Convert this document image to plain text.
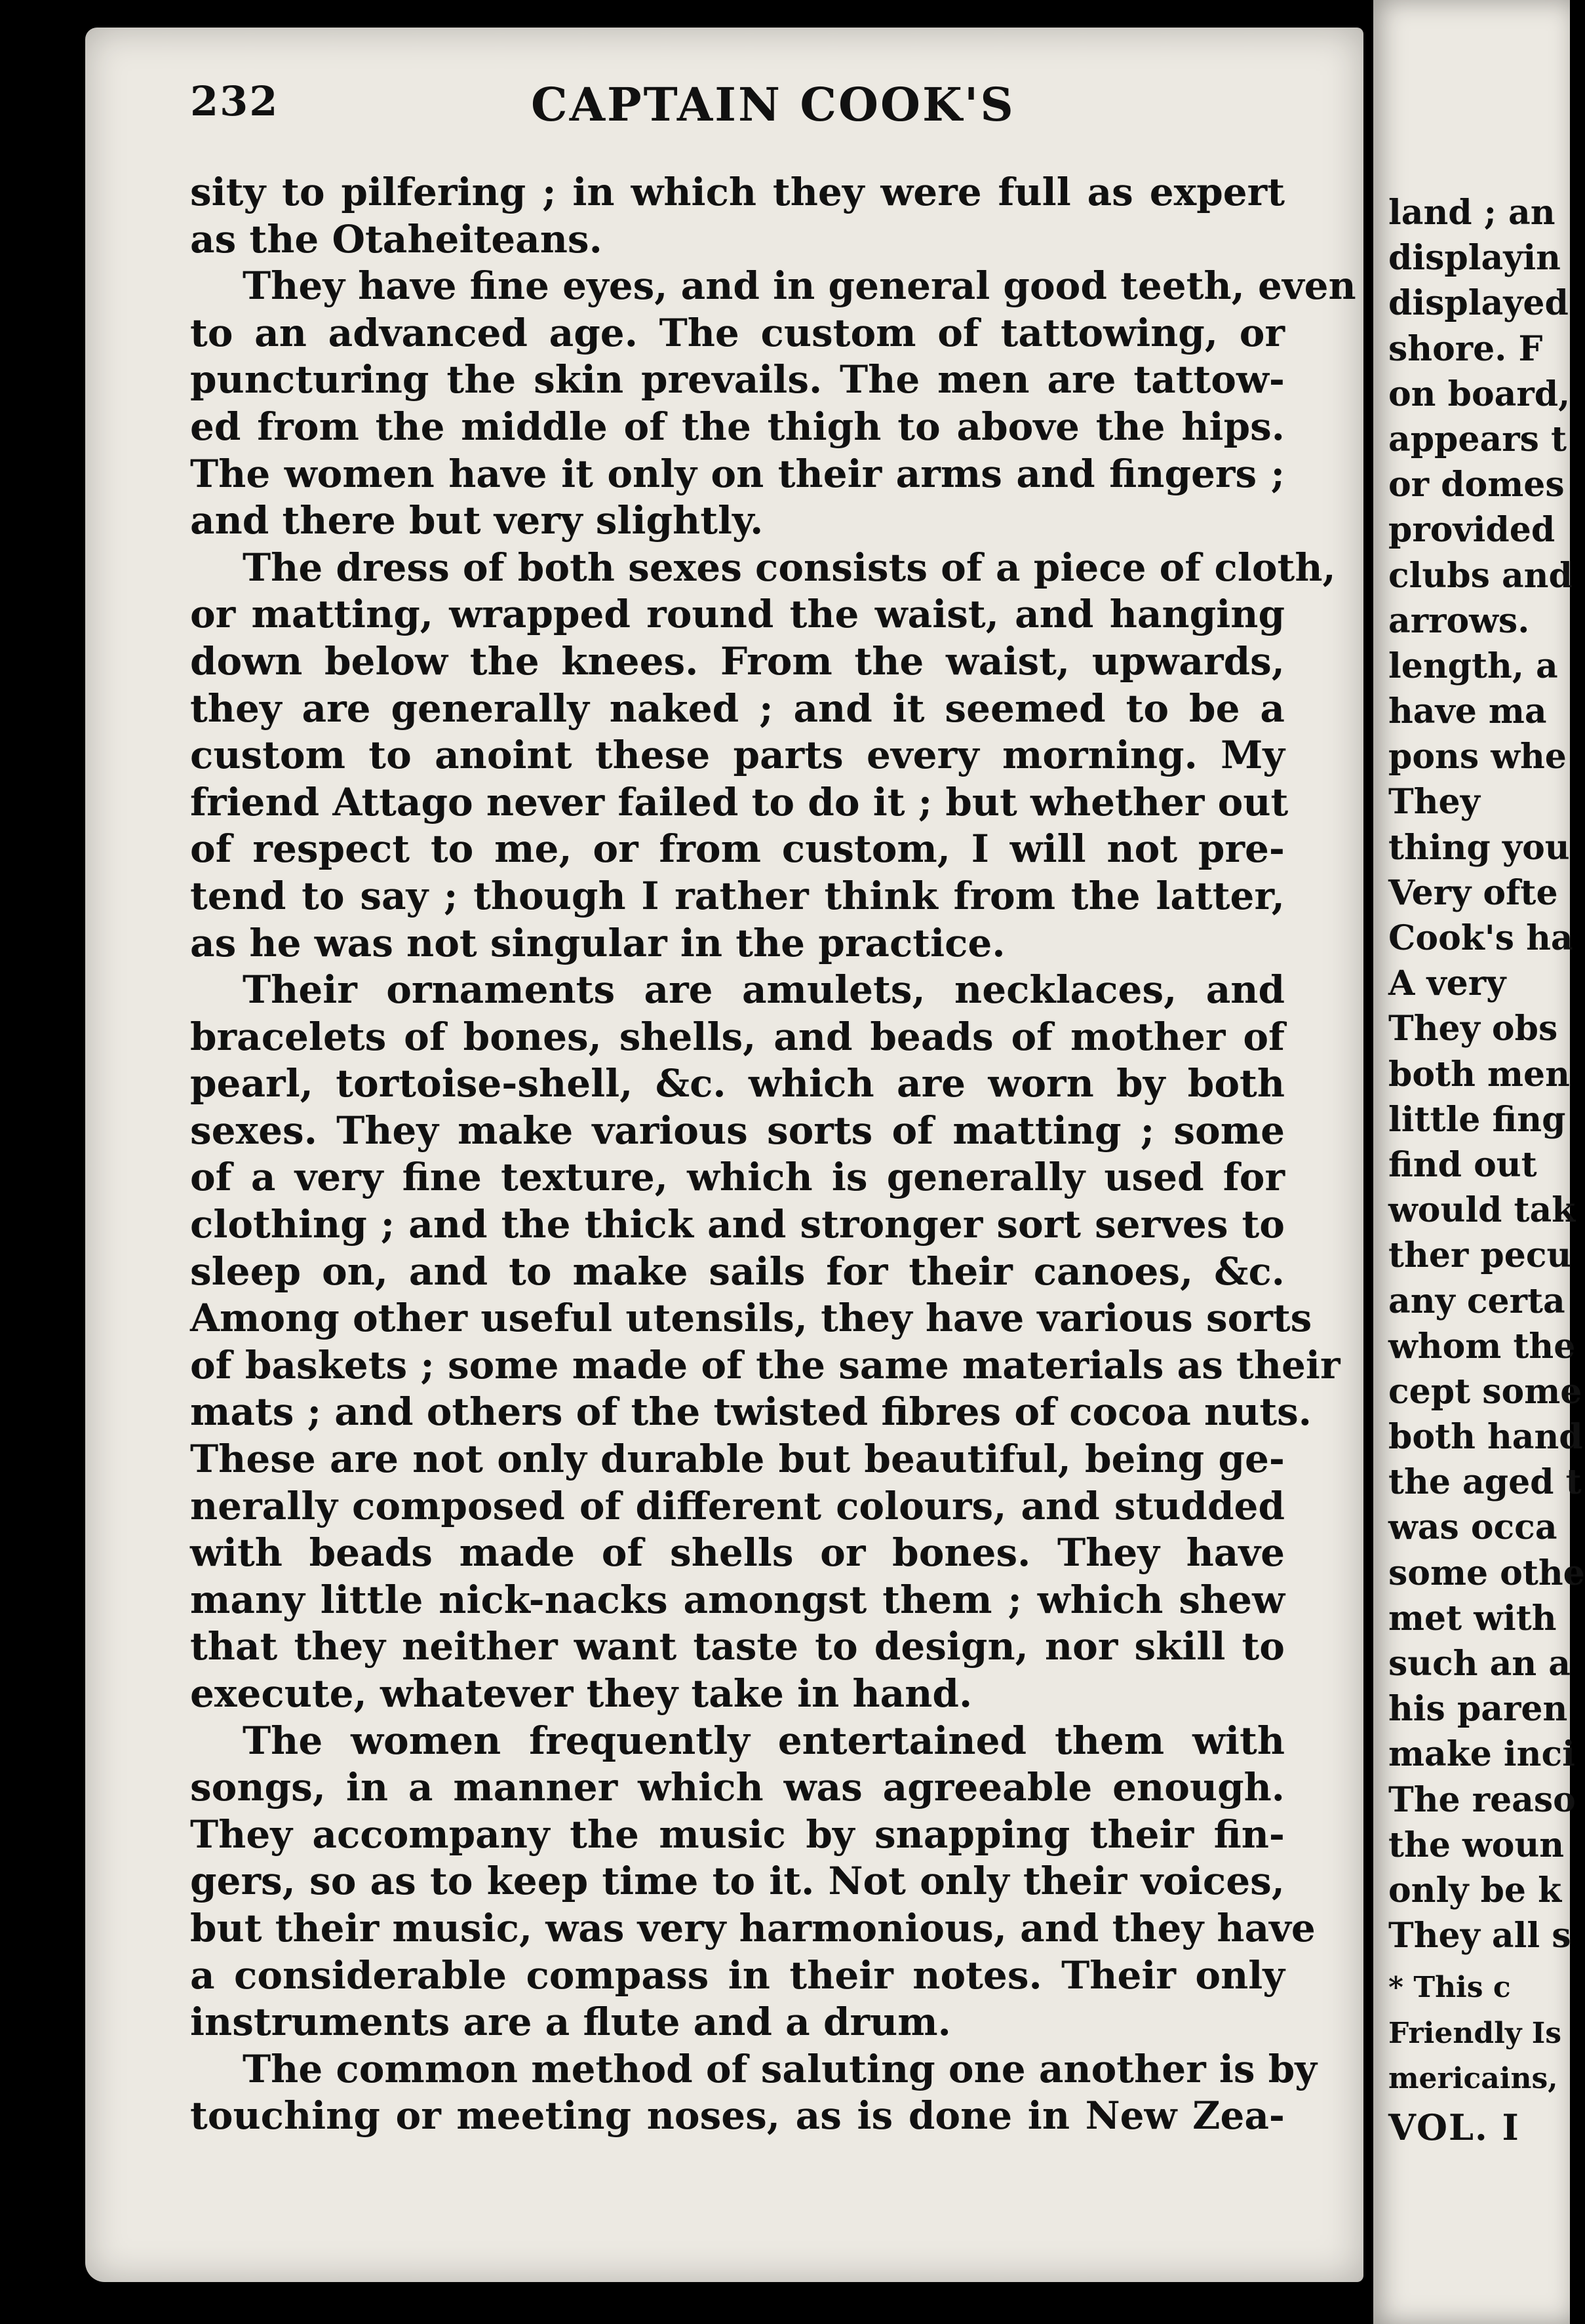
232	CAPTAIN COOK'S
sity to pilfering ; in which they were full as expert
as the Otaheiteans.
They have fine eyes, and in general good teeth, even
to an advanced age. The custom of tattowing, or
puncturing the skin prevails. The men are tattow-
ed from the middle of the thigh to above the hips.
The women have it only on their arms and fingers ;
and there but very slightly.
The dress of both sexes consists of a piece of cloth,
or matting, wrapped round the waist, and hanging
down below the knees. From the waist, upwards,
they are generally naked ; and it seemed to be a
custom to anoint these parts every morning. My
friend Attago never failed to do it ; but whether out
of respect to me, or from custom, I will not pre-
tend to say ; though I rather think from the latter,
as he was not singular in the practice.
Their ornaments are amulets, necklaces, and
bracelets of bones, shells, and beads of mother of
pearl, tortoise-shell, &c. which are worn by both
sexes. They make various sorts of matting ; some
of a very fine texture, which is generally used for
clothing ; and the thick and stronger sort serves to
sleep on, and to make sails for their canoes, &c.
Among other useful utensils, they have various sorts
of baskets ; some made of the same materials as their
mats ; and others of the twisted fibres of cocoa nuts.
These are not only durable but beautiful, being ge-
nerally composed of different colours, and studded
with beads made of shells or bones. They have
many little nick-nacks amongst them ; which shew
that they neither want taste to design, nor skill to
execute, whatever they take in hand.
The women frequently entertained them with
songs, in a manner which was agreeable enough.
They accompany the music by snapping their fin-
gers, so as to keep time to it. Not only their voices,
but their music, was very harmonious, and they have
a considerable compass in their notes. Their only
instruments are a flute and a drum.
The common method of saluting one another is by
touching or meeting noses, as is done in New Zea-
land ; an
displayin
displayed
shore. F
on board,
appears t
or domes
provided
clubs and
arrows.
length, a
have ma
pons whe
They
thing you
Very ofte
Cook's ha
A very
They obs
both men
little fing
find out
would tak
ther pecu
any certa
whom the
cept some
both hand
the aged t
was occa
some othe
met with
such an a
his paren
make inci
The reaso
the woun
only be k
They all s
* This c
Friendly Is
mericains,
VOL. I
